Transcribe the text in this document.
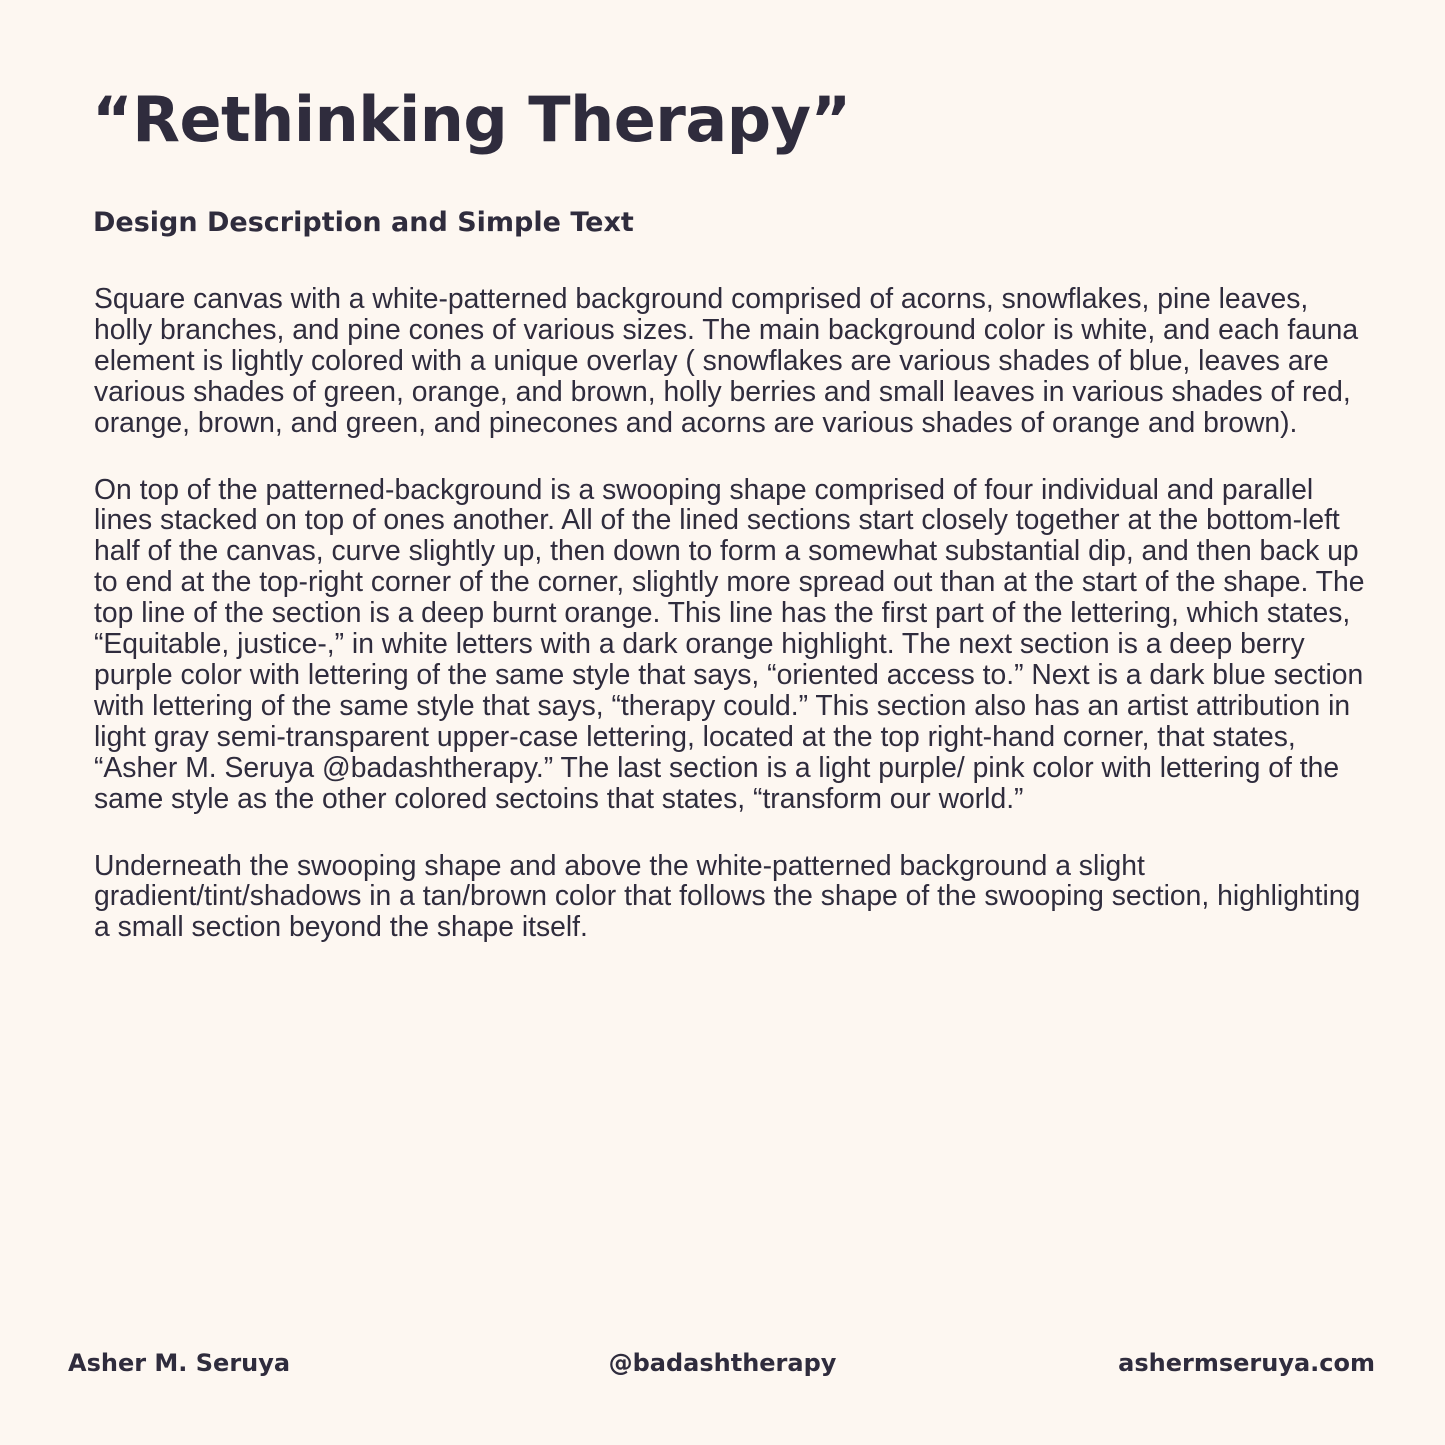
“Rethinking Therapy”
Design Description and Simple Text

Square canvas with a white-patterned background comprised of acorns, snowflakes, pine leaves, holly branches, and pine cones of various sizes. The main background color is white, and each fauna element is lightly colored with a unique overlay ( snowflakes are various shades of blue, leaves are various shades of green, orange, and brown, holly berries and small leaves in various shades of red, orange, brown, and green, and pinecones and acorns are various shades of orange and brown).

On top of the patterned-background is a swooping shape comprised of four individual and parallel lines stacked on top of ones another. All of the lined sections start closely together at the bottom-left half of the canvas, curve slightly up, then down to form a somewhat substantial dip, and then back up to end at the top-right corner of the corner, slightly more spread out than at the start of the shape. The top line of the section is a deep burnt orange. This line has the first part of the lettering, which states, “Equitable, justice-,” in white letters with a dark orange highlight. The next section is a deep berry purple color with lettering of the same style that says, “oriented access to.” Next is a dark blue section with lettering of the same style that says, “therapy could.” This section also has an artist attribution in light gray semi-transparent upper-case lettering, located at the top right-hand corner, that states, “Asher M. Seruya @badashtherapy.” The last section is a light purple/ pink color with lettering of the same style as the other colored sectoins that states, “transform our world.”

Underneath the swooping shape and above the white-patterned background a slight gradient/tint/shadows in a tan/brown color that follows the shape of the swooping section, highlighting a small section beyond the shape itself.

Asher M. Seruya	@badashtherapy	ashermseruya.com
